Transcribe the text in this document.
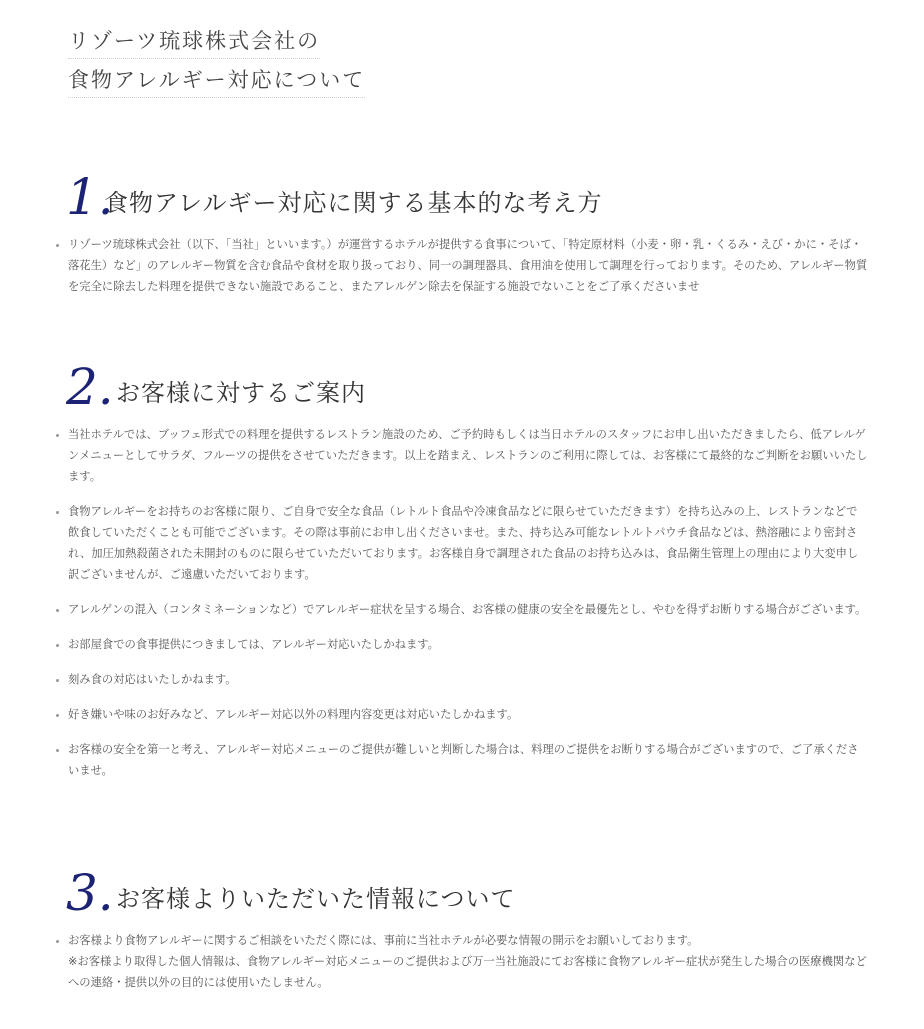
リゾーツ琉球株式会社の
食物アレルギー対応について
1.
食物アレルギー対応に関する基本的な考え方
• リゾーツ琉球株式会社（以下、「当社」といいます。）が運営するホテルが提供する食事について、「特定原材料（小麦・卵・乳・くるみ・えび・かに・そば・落花生）など」のアレルギー物質を含む食品や食材を取り扱っており、同一の調理器具、食用油を使用して調理を行っております。そのため、アレルギー物質を完全に除去した料理を提供できない施設であること、またアレルゲン除去を保証する施設でないことをご了承くださいませ
2. お客様に対するご案内
• 当社ホテルでは、ブッフェ形式での料理を提供するレストラン施設のため、ご予約時もしくは当日ホテルのスタッフにお申し出いただきましたら、低アレルゲンメニューとしてサラダ、フルーツの提供をさせていただきます。以上を踏まえ、レストランのご利用に際しては、お客様にて最終的なご判断をお願いいたします。
• 食物アレルギーをお持ちのお客様に限り、ご自身で安全な食品（レトルト食品や冷凍食品などに限らせていただきます）を持ち込みの上、レストランなどで飲食していただくことも可能でございます。その際は事前にお申し出くださいませ。また、持ち込み可能なレトルトパウチ食品などは、熱溶融により密封され、加圧加熱殺菌された未開封のものに限らせていただいております。お客様自身で調理された食品のお持ち込みは、食品衛生管理上の理由により大変申し訳ございませんが、ご遠慮いただいております。
• アレルゲンの混入（コンタミネーションなど）でアレルギー症状を呈する場合、お客様の健康の安全を最優先とし、やむを得ずお断りする場合がございます。
• お部屋食での食事提供につきましては、アレルギー対応いたしかねます。
• 刻み食の対応はいたしかねます。
• 好き嫌いや味のお好みなど、アレルギー対応以外の料理内容変更は対応いたしかねます。
• お客様の安全を第一と考え、アレルギー対応メニューのご提供が難しいと判断した場合は、料理のご提供をお断りする場合がございますので、ご了承くださいませ。
3. お客様よりいただいた情報について
• お客様より食物アレルギーに関するご相談をいただく際には、事前に当社ホテルが必要な情報の開示をお願いしております。
※お客様より取得した個人情報は、食物アレルギー対応メニューのご提供および万一当社施設にてお客様に食物アレルギー症状が発生した場合の医療機関などへの連絡・提供以外の目的には使用いたしません。
